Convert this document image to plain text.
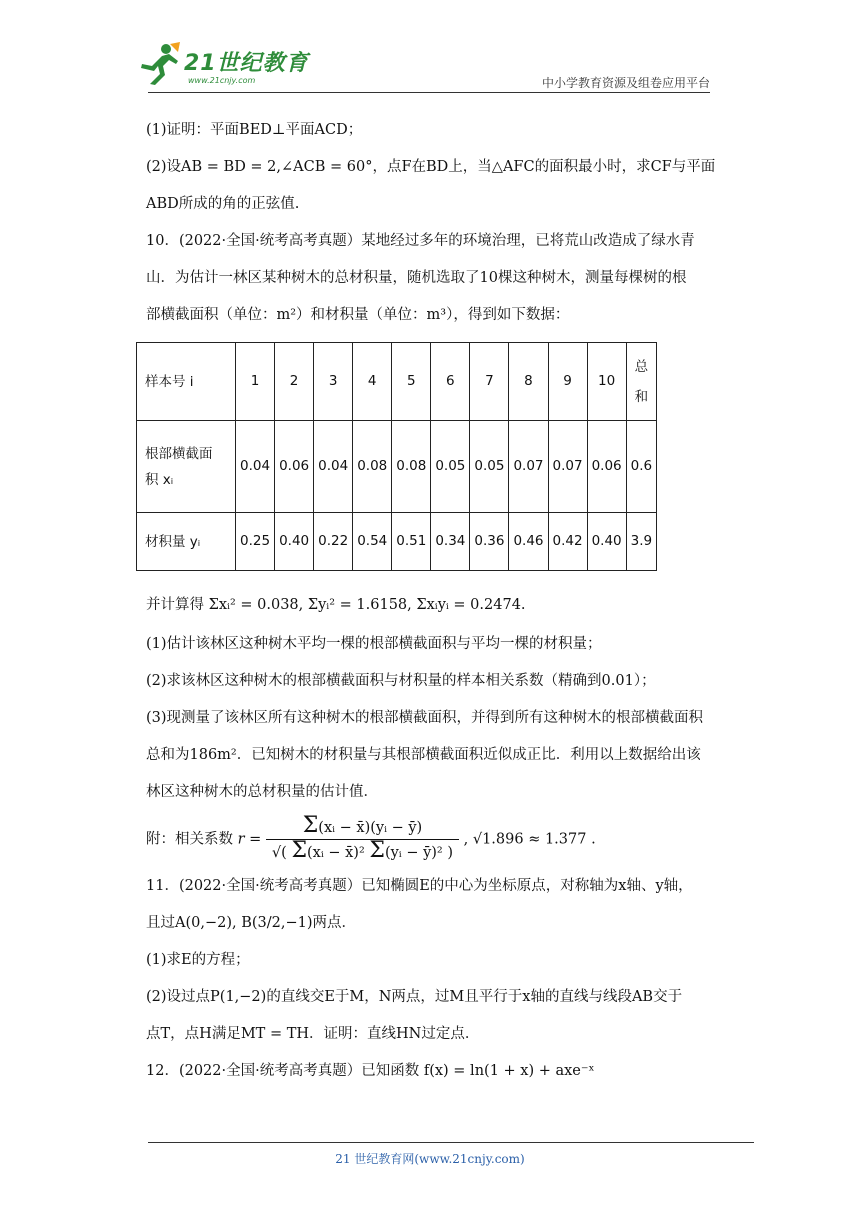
21世纪教育
www.21cnjy.com	中小学教育资源及组卷应用平台

(1)证明：平面BED⊥平面ACD；

(2)设AB = BD = 2,∠ACB = 60°，点F在BD上，当△AFC的面积最小时，求CF与平面

ABD所成的角的正弦值.

10．(2022·全国·统考高考真题）某地经过多年的环境治理，已将荒山改造成了绿水青

山．为估计一林区某种树木的总材积量，随机选取了10棵这种树木，测量每棵树的根

部横截面积（单位：m²）和材积量（单位：m³），得到如下数据：

样本号 i	1	2	3	4	5	6	7	8	9	10	总
和
根部横截面
积 xᵢ	0.04	0.06	0.04	0.08	0.08	0.05	0.05	0.07	0.07	0.06	0.6
材积量 yᵢ	0.25	0.40	0.22	0.54	0.51	0.34	0.36	0.46	0.42	0.40	3.9

并计算得 Σxᵢ² = 0.038, Σyᵢ² = 1.6158, Σxᵢyᵢ = 0.2474.

(1)估计该林区这种树木平均一棵的根部横截面积与平均一棵的材积量；

(2)求该林区这种树木的根部横截面积与材积量的样本相关系数（精确到0.01）；

(3)现测量了该林区所有这种树木的根部横截面积，并得到所有这种树木的根部横截面积

总和为186m²．已知树木的材积量与其根部横截面积近似成正比．利用以上数据给出该

林区这种树木的总材积量的估计值．

附：相关系数 $r = \frac{\text{Σ(xᵢ − x̄)(yᵢ − ȳ)}}{\text{√( Σ(xᵢ − x̄)² Σ(yᵢ − ȳ)² )}}$ , √1.896 ≈ 1.377 .

11．(2022·全国·统考高考真题）已知椭圆E的中心为坐标原点，对称轴为x轴、y轴，

且过A(0,−2), B(3/2,−1)两点．

(1)求E的方程；

(2)设过点P(1,−2)的直线交E于M，N两点，过M且平行于x轴的直线与线段AB交于

点T，点H满足MT = TH．证明：直线HN过定点．

12．(2022·全国·统考高考真题）已知函数 f(x) = ln(1 + x) + axe⁻ˣ

21 世纪教育网(www.21cnjy.com)
